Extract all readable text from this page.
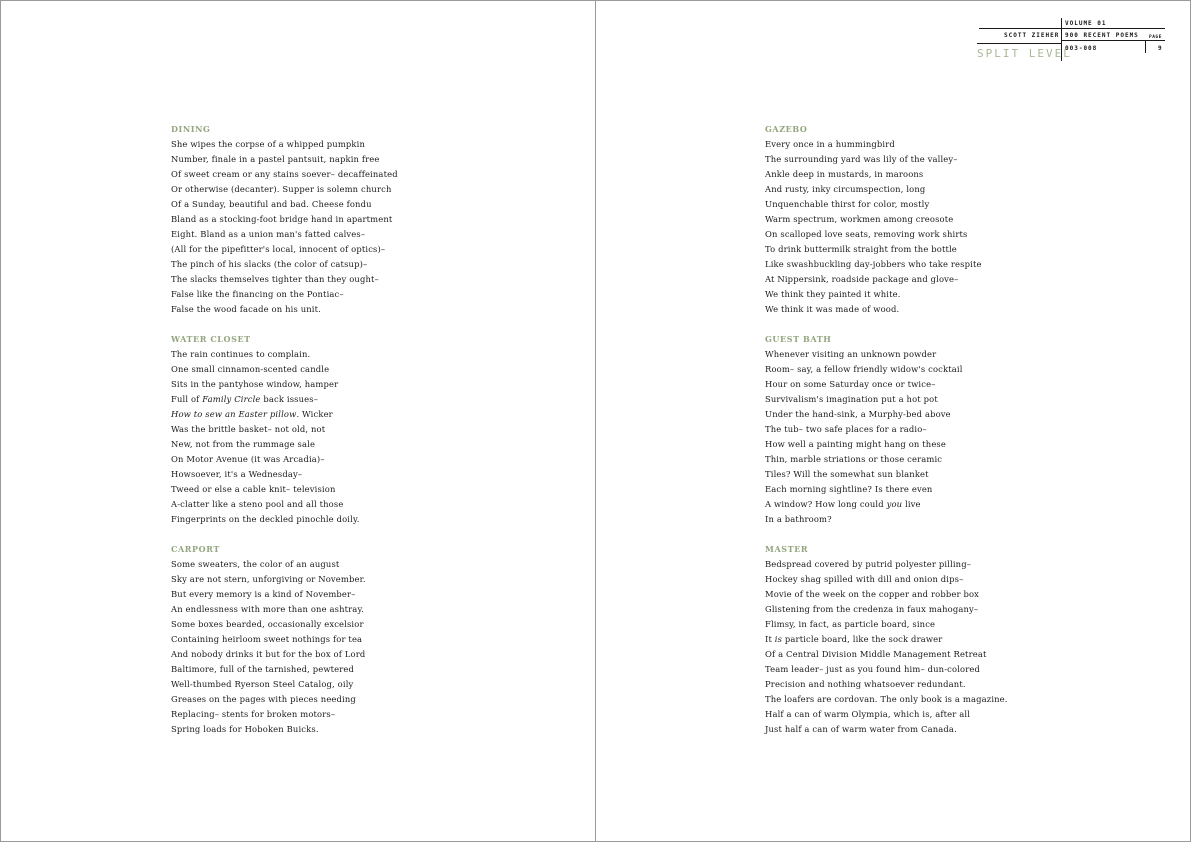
DINING
She wipes the corpse of a whipped pumpkin
Number, finale in a pastel pantsuit, napkin free
Of sweet cream or any stains soever– decaffeinated
Or otherwise (decanter). Supper is solemn church
Of a Sunday, beautiful and bad. Cheese fondu
Bland as a stocking-foot bridge hand in apartment
Eight. Bland as a union man's fatted calves–
(All for the pipefitter's local, innocent of optics)–
The pinch of his slacks (the color of catsup)–
The slacks themselves tighter than they ought–
False like the financing on the Pontiac–
False the wood facade on his unit.
WATER CLOSET
The rain continues to complain.
One small cinnamon-scented candle
Sits in the pantyhose window, hamper
Full of Family Circle back issues–
How to sew an Easter pillow. Wicker
Was the brittle basket– not old, not
New, not from the rummage sale
On Motor Avenue (it was Arcadia)–
Howsoever, it's a Wednesday–
Tweed or else a cable knit– television
A-clatter like a steno pool and all those
Fingerprints on the deckled pinochle doily.
CARPORT
Some sweaters, the color of an august
Sky are not stern, unforgiving or November.
But every memory is a kind of November–
An endlessness with more than one ashtray.
Some boxes bearded, occasionally excelsior
Containing heirloom sweet nothings for tea
And nobody drinks it but for the box of Lord
Baltimore, full of the tarnished, pewtered
Well-thumbed Ryerson Steel Catalog, oily
Greases on the pages with pieces needing
Replacing– stents for broken motors–
Spring loads for Hoboken Buicks.
VOLUME 01
SCOTT ZIEHER 900 RECENT POEMS PAGE
003-008	9
SPLIT LEVEL
GAZEBO
Every once in a hummingbird
The surrounding yard was lily of the valley–
Ankle deep in mustards, in maroons
And rusty, inky circumspection, long
Unquenchable thirst for color, mostly
Warm spectrum, workmen among creosote
On scalloped love seats, removing work shirts
To drink buttermilk straight from the bottle
Like swashbuckling day-jobbers who take respite
At Nippersink, roadside package and glove–
We think they painted it white.
We think it was made of wood.
GUEST BATH
Whenever visiting an unknown powder
Room– say, a fellow friendly widow's cocktail
Hour on some Saturday once or twice–
Survivalism's imagination put a hot pot
Under the hand-sink, a Murphy-bed above
The tub– two safe places for a radio–
How well a painting might hang on these
Thin, marble striations or those ceramic
Tiles? Will the somewhat sun blanket
Each morning sightline? Is there even
A window? How long could you live
In a bathroom?
MASTER
Bedspread covered by putrid polyester pilling–
Hockey shag spilled with dill and onion dips–
Movie of the week on the copper and robber box
Glistening from the credenza in faux mahogany–
Flimsy, in fact, as particle board, since
It is particle board, like the sock drawer
Of a Central Division Middle Management Retreat
Team leader– just as you found him– dun-colored
Precision and nothing whatsoever redundant.
The loafers are cordovan. The only book is a magazine.
Half a can of warm Olympia, which is, after all
Just half a can of warm water from Canada.
